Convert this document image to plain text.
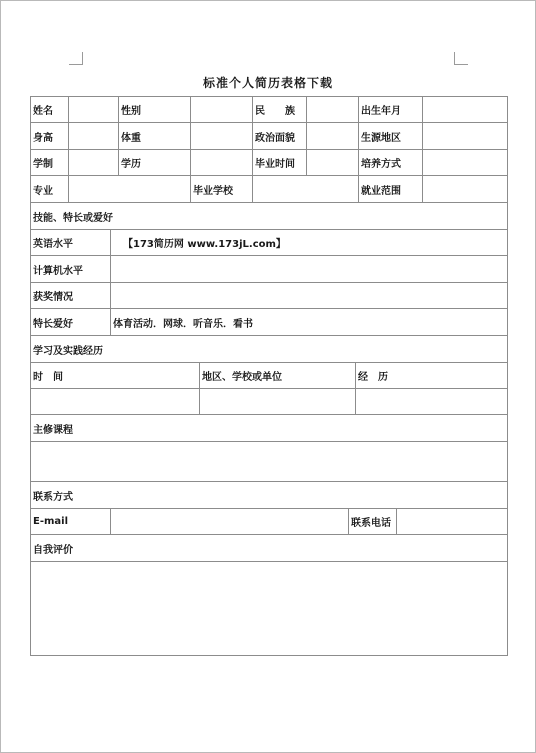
标准个人简历表格下载
姓名	性别	民　　族	出生年月
身高	体重	政治面貌	生源地区
学制	学历	毕业时间	培养方式
专业	毕业学校	就业范围
技能、特长或爱好
英语水平	【173简历网 www.173jL.com】
计算机水平
获奖情况
特长爱好	体育活动．网球．听音乐．看书
学习及实践经历
时　间	地区、学校或单位	经　历
主修课程
联系方式
E-mail	联系电话
自我评价
